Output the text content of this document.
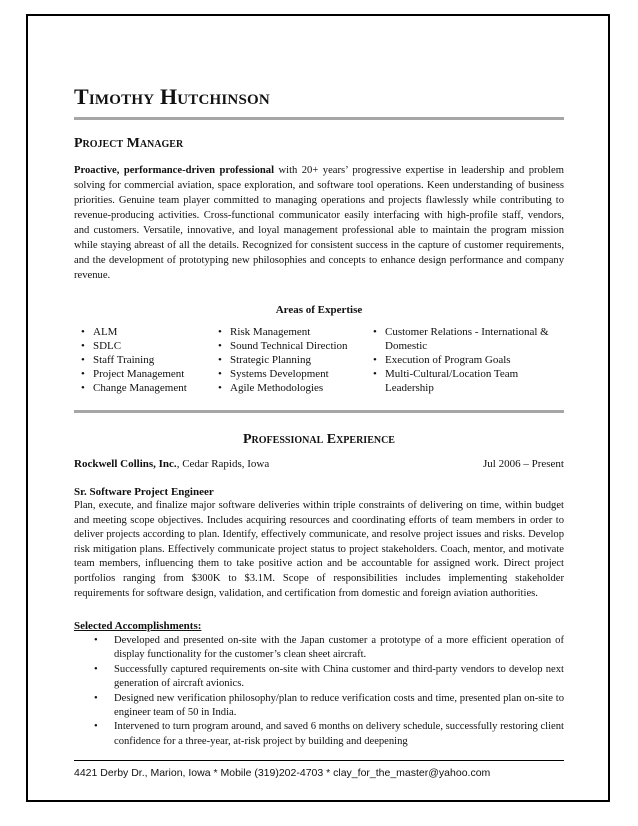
Timothy Hutchinson
Project Manager
Proactive, performance-driven professional with 20+ years’ progressive expertise in leadership and problem solving for commercial aviation, space exploration, and software tool operations. Keen understanding of business priorities. Genuine team player committed to managing operations and projects flawlessly while contributing to revenue-producing activities. Cross-functional communicator easily interfacing with high-profile staff, vendors, and customers. Versatile, innovative, and loyal management professional able to maintain the program mission while staying abreast of all the details. Recognized for consistent success in the capture of customer requirements, and the development of prototyping new philosophies and concepts to enhance design performance and company revenue.
Areas of Expertise
• ALM
• SDLC
• Staff Training
• Project Management
• Change Management
• Risk Management
• Sound Technical Direction
• Strategic Planning
• Systems Development
• Agile Methodologies
• Customer Relations - International & Domestic
• Execution of Program Goals
• Multi-Cultural/Location Team Leadership
Professional Experience
Rockwell Collins, Inc., Cedar Rapids, Iowa	Jul 2006 – Present
Sr. Software Project Engineer
Plan, execute, and finalize major software deliveries within triple constraints of delivering on time, within budget and meeting scope objectives. Includes acquiring resources and coordinating efforts of team members in order to deliver projects according to plan. Identify, effectively communicate, and resolve project issues and risks. Develop risk mitigation plans. Effectively communicate project status to project stakeholders. Coach, mentor, and motivate team members, influencing them to take positive action and be accountable for assigned work. Direct project portfolios ranging from $300K to $3.1M. Scope of responsibilities includes implementing stakeholder requirements for software design, validation, and certification from domestic and foreign aviation authorities.
Selected Accomplishments:
• Developed and presented on-site with the Japan customer a prototype of a more efficient operation of display functionality for the customer’s clean sheet aircraft.
• Successfully captured requirements on-site with China customer and third-party vendors to develop next generation of aircraft avionics.
• Designed new verification philosophy/plan to reduce verification costs and time, presented plan on-site to engineer team of 50 in India.
• Intervened to turn program around, and saved 6 months on delivery schedule, successfully restoring client confidence for a three-year, at-risk project by building and deepening
4421 Derby Dr., Marion, Iowa * Mobile (319)202-4703 * clay_for_the_master@yahoo.com
